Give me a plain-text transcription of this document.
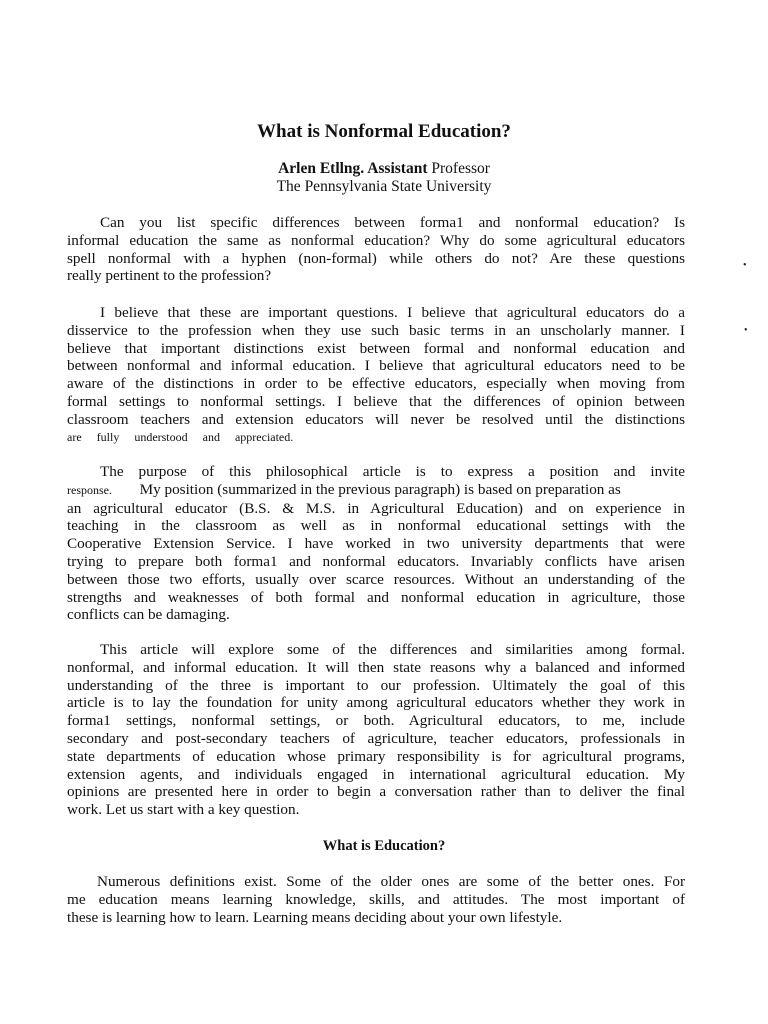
What is Nonformal Education?
Arlen Etllng. Assistant Professor
The Pennsylvania State University
Can you list specific differences between forma1 and nonformal education? Is
informal education the same as nonformal education? Why do some agricultural educators
spell nonformal with a hyphen (non-formal) while others do not? Are these questions
really pertinent to the profession?
I believe that these are important questions. I believe that agricultural educators do a
disservice to the profession when they use such basic terms in an unscholarly manner. I
believe that important distinctions exist between formal and nonformal education and
between nonformal and informal education. I believe that agricultural educators need to be
aware of the distinctions in order to be effective educators, especially when moving from
formal settings to nonformal settings. I believe that the differences of opinion between
classroom teachers and extension educators will never be resolved until the distinctions
are fully understood and appreciated.
The purpose of this philosophical article is to express a position and invite
response. My position (summarized in the previous paragraph) is based on preparation as
an agricultural educator (B.S. & M.S. in Agricultural Education) and on experience in
teaching in the classroom as well as in nonformal educational settings with the
Cooperative Extension Service. I have worked in two university departments that were
trying to prepare both forma1 and nonformal educators. Invariably conflicts have arisen
between those two efforts, usually over scarce resources. Without an understanding of the
strengths and weaknesses of both formal and nonformal education in agriculture, those
conflicts can be damaging.
This article will explore some of the differences and similarities among formal.
nonformal, and informal education. It will then state reasons why a balanced and informed
understanding of the three is important to our profession. Ultimately the goal of this
article is to lay the foundation for unity among agricultural educators whether they work in
forma1 settings, nonformal settings, or both. Agricultural educators, to me, include
secondary and post-secondary teachers of agriculture, teacher educators, professionals in
state departments of education whose primary responsibility is for agricultural programs,
extension agents, and individuals engaged in international agricultural education. My
opinions are presented here in order to begin a conversation rather than to deliver the final
work. Let us start with a key question.
What is Education?
Numerous definitions exist. Some of the older ones are some of the better ones. For
me education means learning knowledge, skills, and attitudes. The most important of
these is learning how to learn. Learning means deciding about your own lifestyle.
•
•
